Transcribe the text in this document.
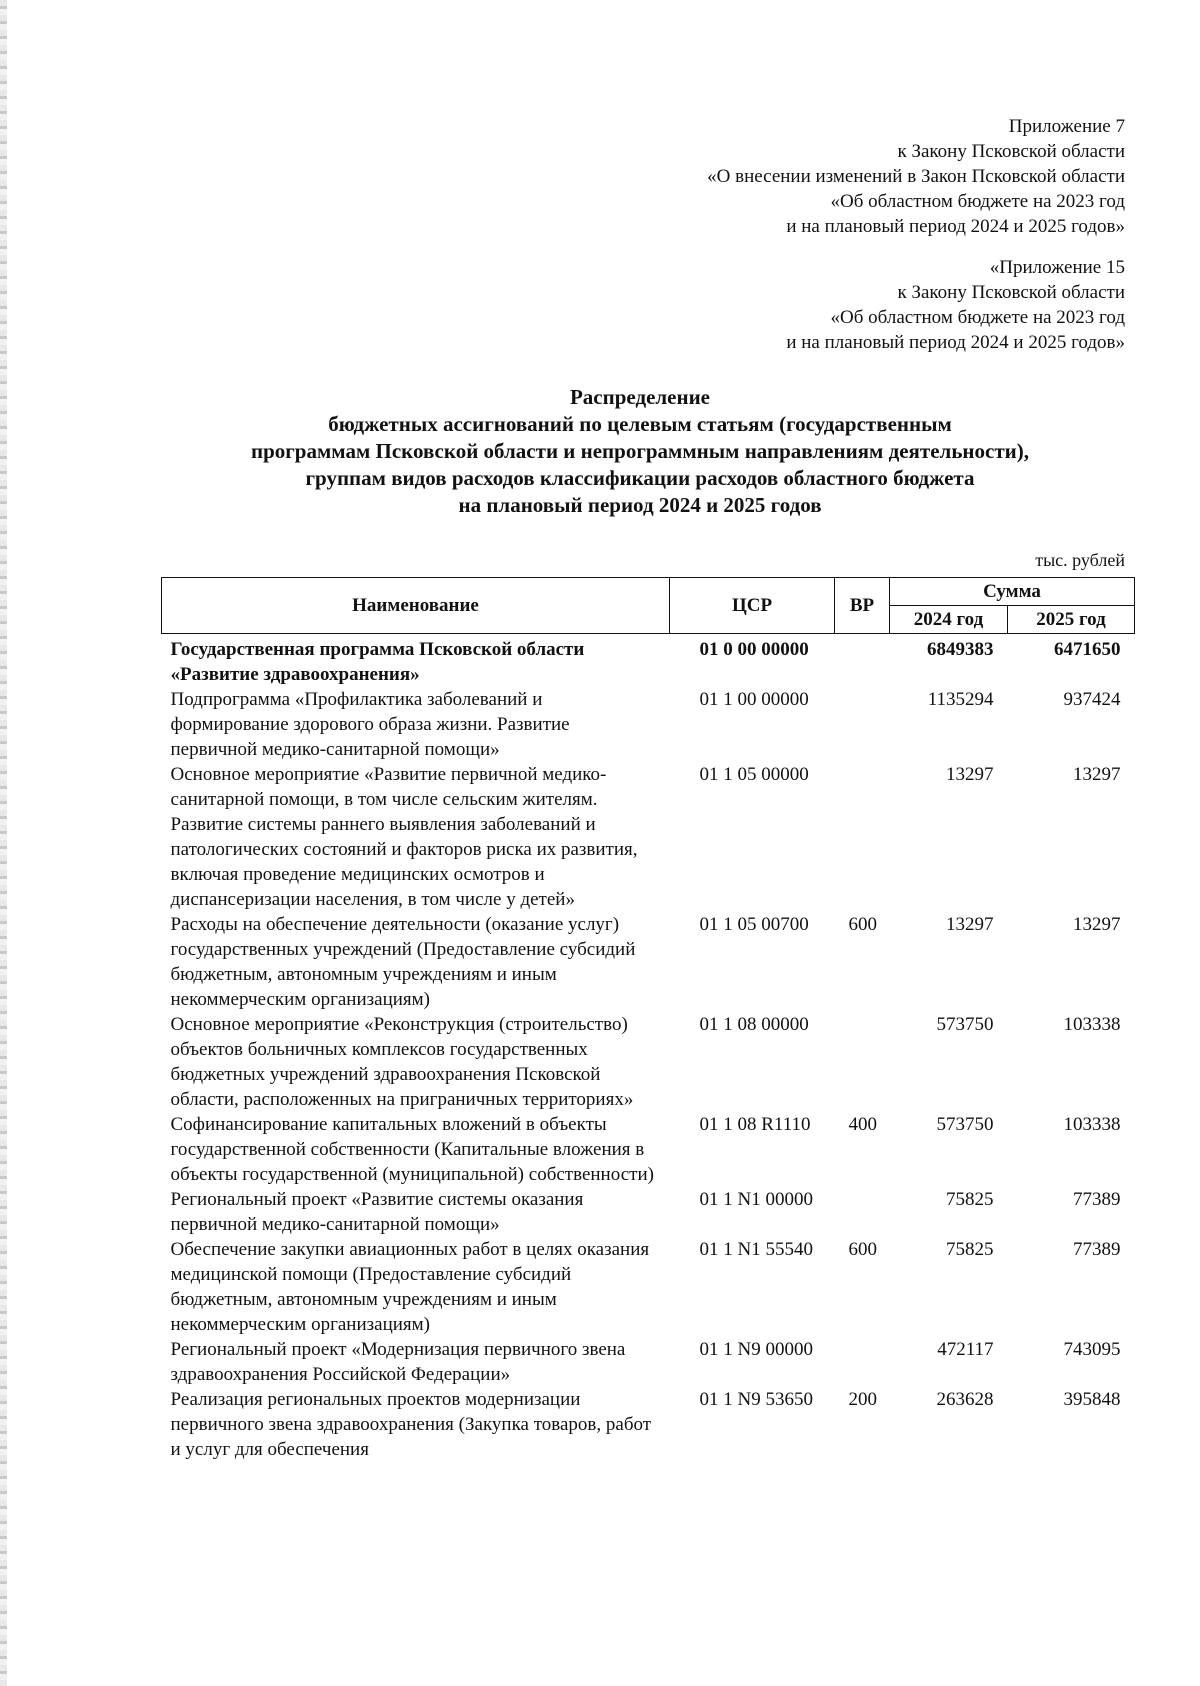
Приложение 7
к Закону Псковской области
«О внесении изменений в Закон Псковской области
«Об областном бюджете на 2023 год
и на плановый период 2024 и 2025 годов»
«Приложение 15
к Закону Псковской области
«Об областном бюджете на 2023 год
и на плановый период 2024 и 2025 годов»
Распределение
бюджетных ассигнований по целевым статьям (государственным
программам Псковской области и непрограммным направлениям деятельности),
группам видов расходов классификации расходов областного бюджета
на плановый период 2024 и 2025 годов
тыс. рублей
Наименование	ЦСР	ВР	Сумма	
			2024 год	2025 год
Государственная программа Псковской области «Развитие здравоохранения»	01 0 00 00000		6849383	6471650
Подпрограмма «Профилактика заболеваний и формирование здорового образа жизни. Развитие первичной медико-санитарной помощи»	01 1 00 00000		1135294	937424
Основное мероприятие «Развитие первичной медико-санитарной помощи, в том числе сельским жителям. Развитие системы раннего выявления заболеваний и патологических состояний и факторов риска их развития, включая проведение медицинских осмотров и диспансеризации населения, в том числе у детей»	01 1 05 00000		13297	13297
Расходы на обеспечение деятельности (оказание услуг) государственных учреждений (Предоставление субсидий бюджетным, автономным учреждениям и иным некоммерческим организациям)	01 1 05 00700	600	13297	13297
Основное мероприятие «Реконструкция (строительство) объектов больничных комплексов государственных бюджетных учреждений здравоохранения Псковской области, расположенных на приграничных территориях»	01 1 08 00000		573750	103338
Софинансирование капитальных вложений в объекты государственной собственности (Капитальные вложения в объекты государственной (муниципальной) собственности)	01 1 08 R1110	400	573750	103338
Региональный проект «Развитие системы оказания первичной медико-санитарной помощи»	01 1 N1 00000		75825	77389
Обеспечение закупки авиационных работ в целях оказания медицинской помощи (Предоставление субсидий бюджетным, автономным учреждениям и иным некоммерческим организациям)	01 1 N1 55540	600	75825	77389
Региональный проект «Модернизация первичного звена здравоохранения Российской Федерации»	01 1 N9 00000		472117	743095
Реализация региональных проектов модернизации первичного звена здравоохранения (Закупка товаров, работ и услуг для обеспечения	01 1 N9 53650	200	263628	395848
